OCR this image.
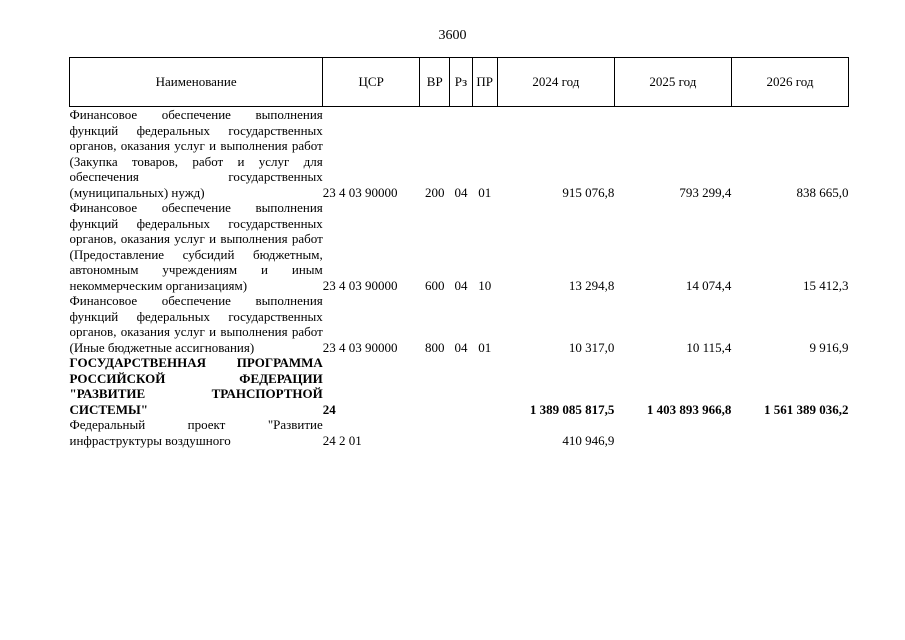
3600
Наименование	ЦСР	ВР	Рз	ПР	2024 год	2025 год	2026 год
Финансовое обеспечение выполнения функций федеральных государственных органов, оказания услуг и выполнения работ (Закупка товаров, работ и услуг для обеспечения государственных (муниципальных) нужд)	23 4 03 90000	200	04	01	915 076,8	793 299,4	838 665,0
Финансовое обеспечение выполнения функций федеральных государственных органов, оказания услуг и выполнения работ (Предоставление субсидий бюджетным, автономным учреждениям и иным некоммерческим организациям)	23 4 03 90000	600	04	10	13 294,8	14 074,4	15 412,3
Финансовое обеспечение выполнения функций федеральных государственных органов, оказания услуг и выполнения работ (Иные бюджетные ассигнования)	23 4 03 90000	800	04	01	10 317,0	10 115,4	9 916,9
ГОСУДАРСТВЕННАЯ ПРОГРАММА РОССИЙСКОЙ ФЕДЕРАЦИИ "РАЗВИТИЕ ТРАНСПОРТНОЙ СИСТЕМЫ"	24				1 389 085 817,5	1 403 893 966,8	1 561 389 036,2
Федеральный проект "Развитие инфраструктуры воздушного	24 2 01				410 946,9		
